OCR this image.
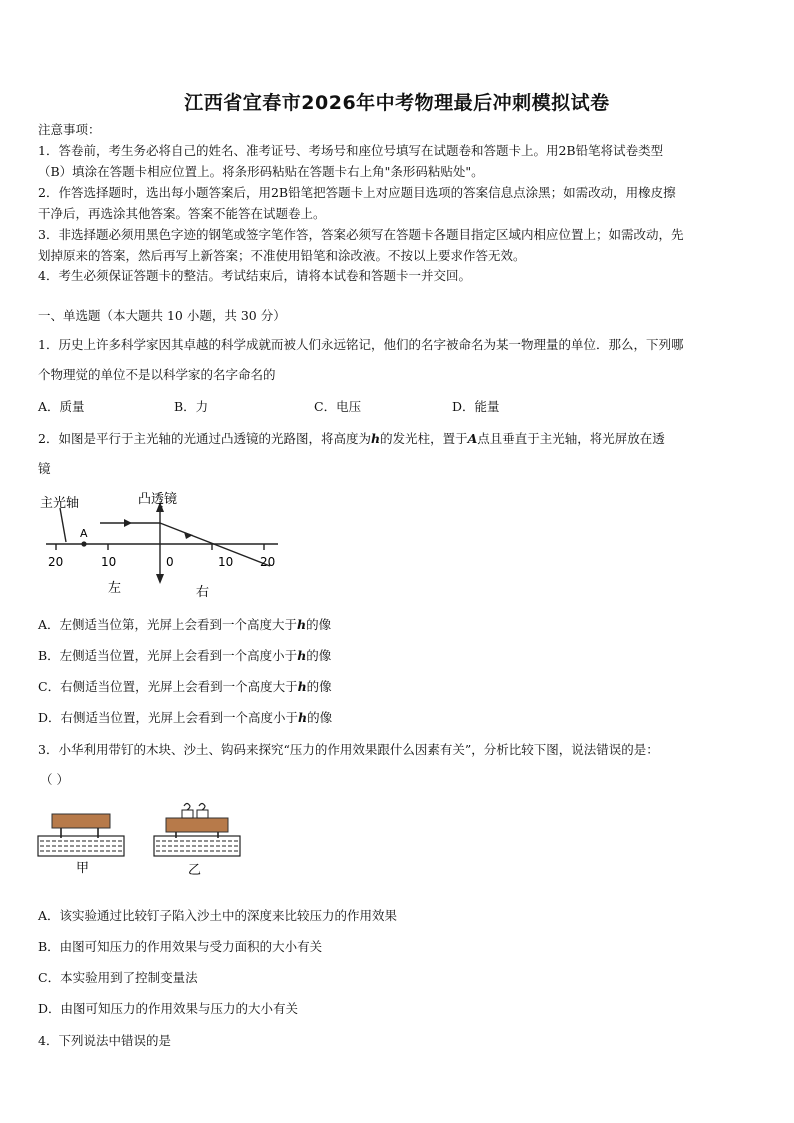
江西省宜春市2026年中考物理最后冲刺模拟试卷
注意事项：
1．答卷前，考生务必将自己的姓名、准考证号、考场号和座位号填写在试题卷和答题卡上。用2B铅笔将试卷类型
（B）填涂在答题卡相应位置上。将条形码粘贴在答题卡右上角"条形码粘贴处"。
2．作答选择题时，选出每小题答案后，用2B铅笔把答题卡上对应题目选项的答案信息点涂黑；如需改动，用橡皮擦
干净后，再选涂其他答案。答案不能答在试题卷上。
3．非选择题必须用黑色字迹的钢笔或签字笔作答，答案必须写在答题卡各题目指定区域内相应位置上；如需改动，先
划掉原来的答案，然后再写上新答案；不准使用铅笔和涂改液。不按以上要求作答无效。
4．考生必须保证答题卡的整洁。考试结束后，请将本试卷和答题卡一并交回。
一、单选题（本大题共 10 小题，共 30 分）
1．历史上许多科学家因其卓越的科学成就而被人们永远铭记，他们的名字被命名为某一物理量的单位．那么，下列哪
个物理觉的单位不是以科学家的名字命名的
A．质量	B．力	C．电压	D．能量
2．如图是平行于主光轴的光通过凸透镜的光路图，将高度为h的发光柱，置于A点且垂直于主光轴，将光屏放在透
镜
主光轴	凸透镜
A
20	10	0	10 20
左	右
A．左侧适当位第，光屏上会看到一个高度大于h的像
B．左侧适当位置，光屏上会看到一个高度小于h的像
C．右侧适当位置，光屏上会看到一个高度大于h的像
D．右侧适当位置，光屏上会看到一个高度小于h的像
3．小华利用带钉的木块、沙土、钩码来探究“压力的作用效果跟什么因素有关”，分析比较下图，说法错误的是：
（ ）
甲	乙
A．该实验通过比较钉子陷入沙土中的深度来比较压力的作用效果
B．由图可知压力的作用效果与受力面积的大小有关
C．本实验用到了控制变量法
D．由图可知压力的作用效果与压力的大小有关
4．下列说法中错误的是
